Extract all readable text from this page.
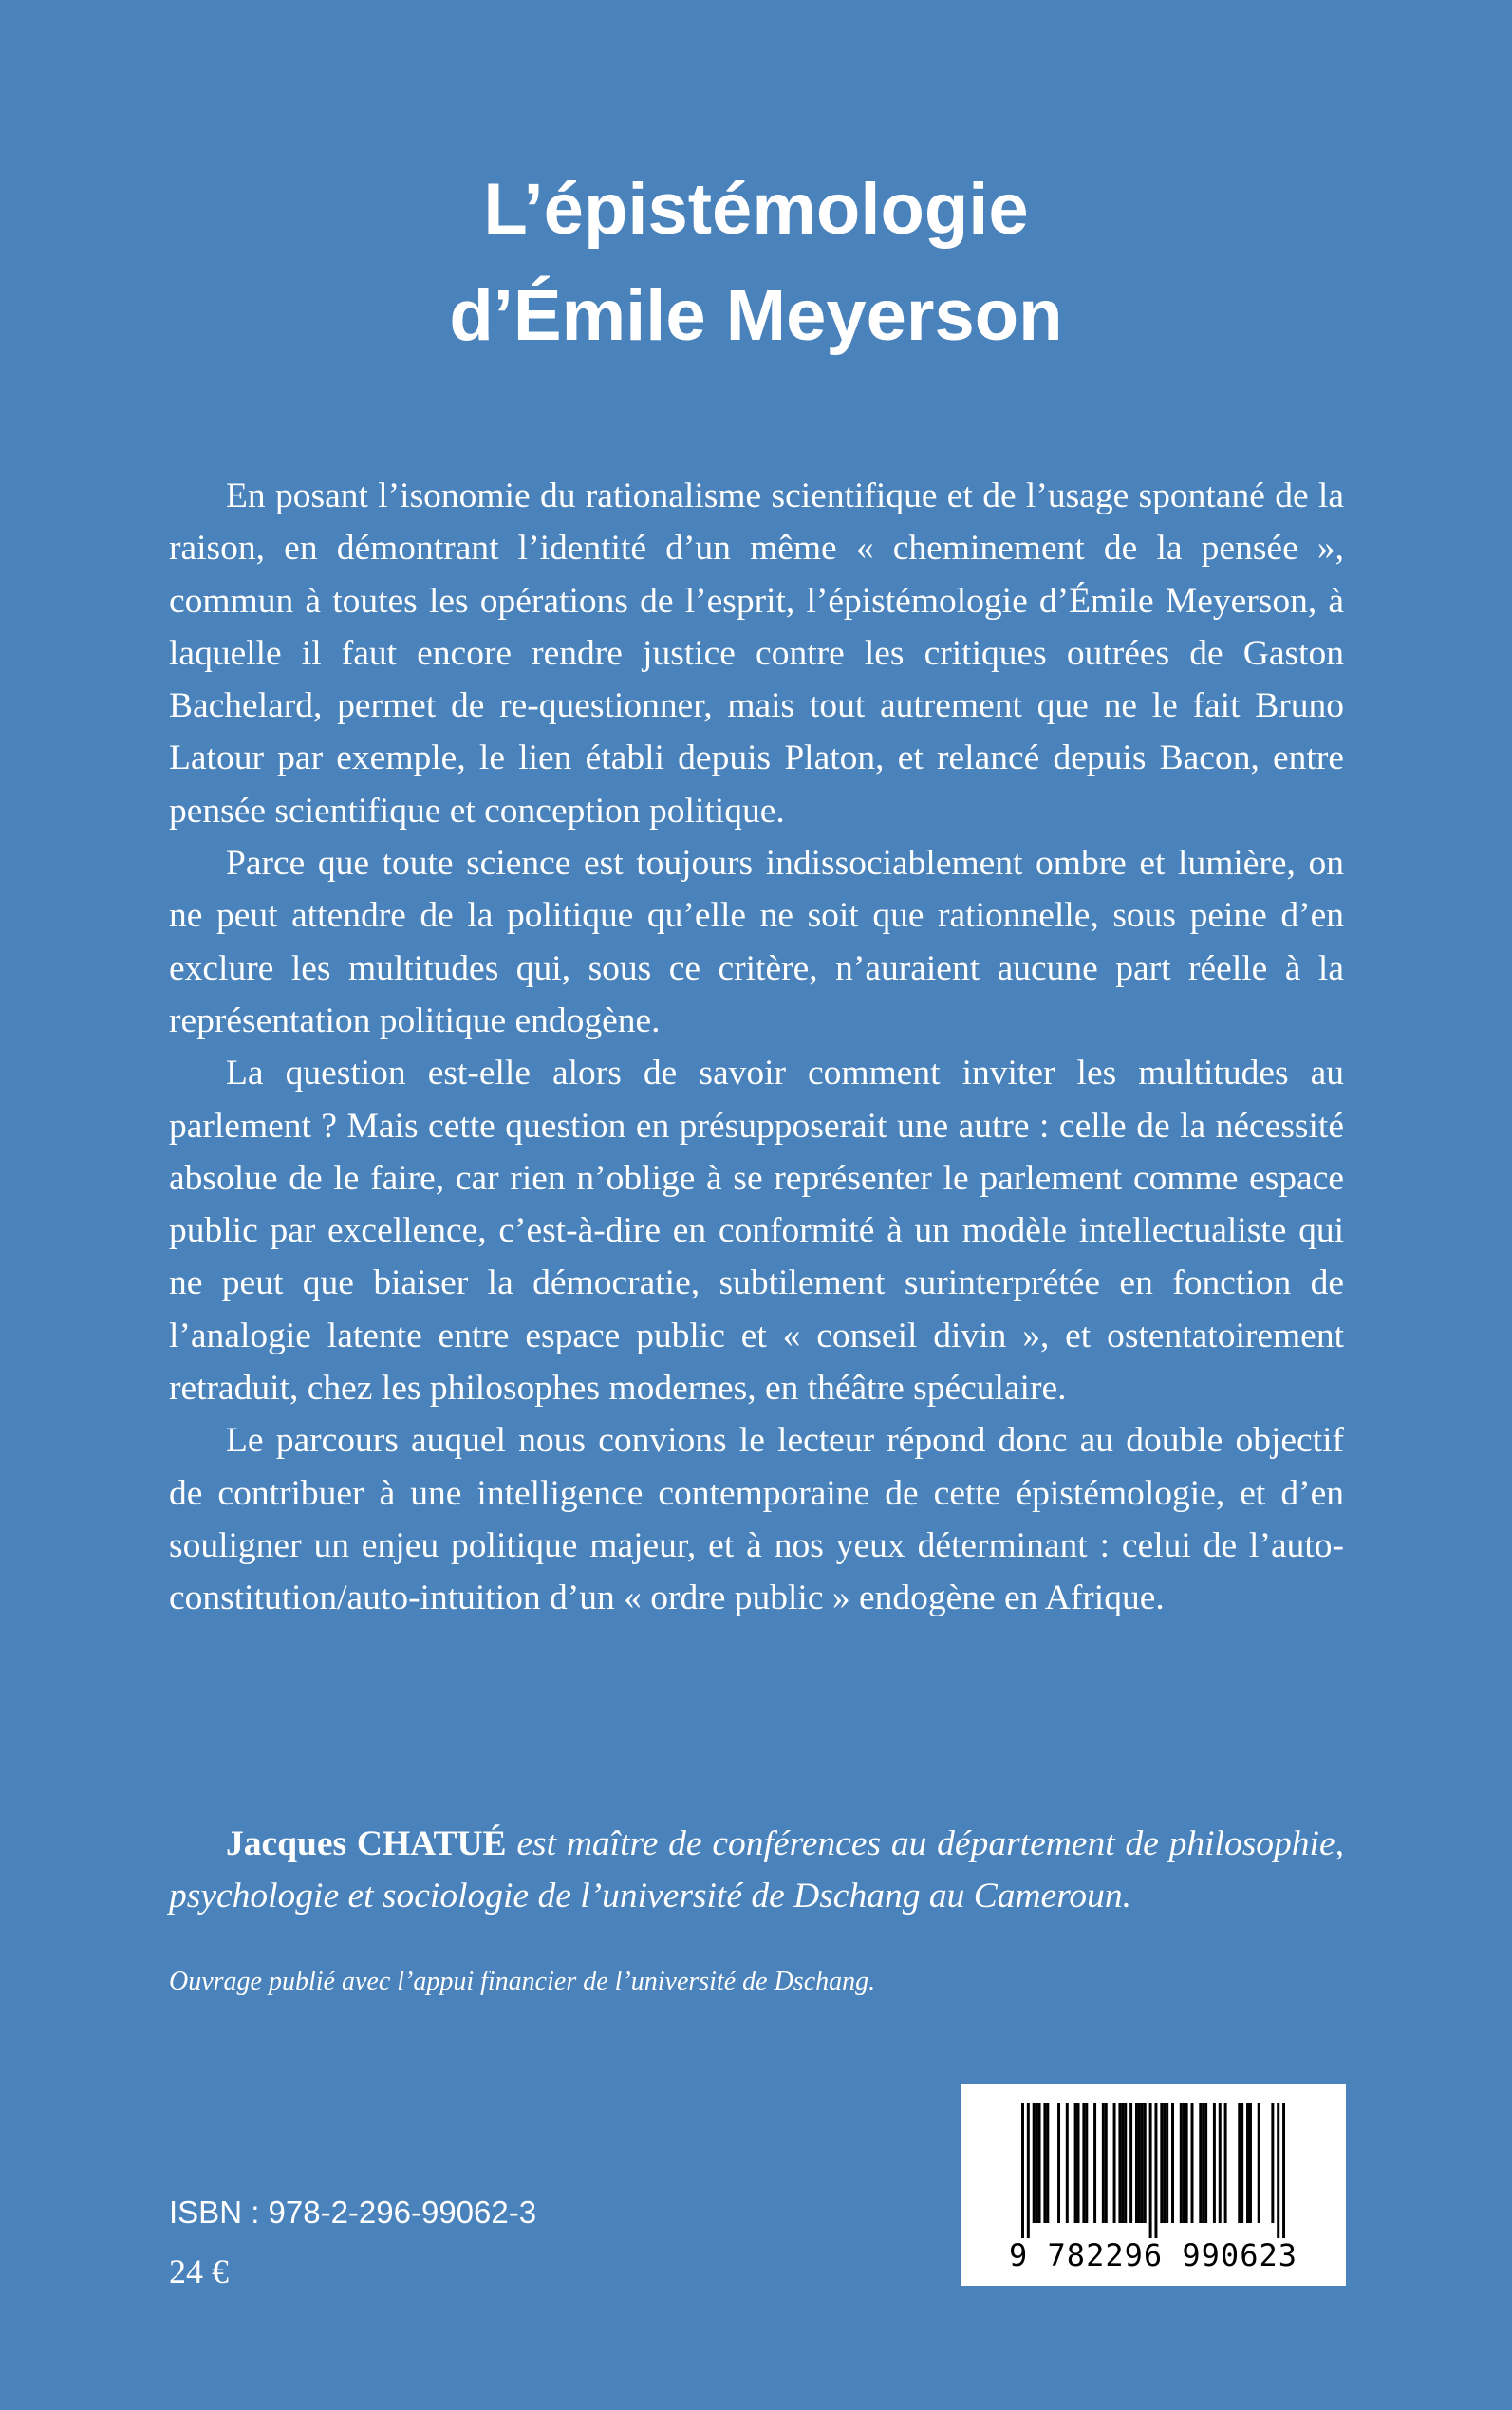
L’épistémologie
d’Émile Meyerson

En posant l’isonomie du rationalisme scientifique et de l’usage spontané de la raison, en démontrant l’identité d’un même « cheminement de la pensée », commun à toutes les opérations de l’esprit, l’épistémologie d’Émile Meyerson, à laquelle il faut encore rendre justice contre les critiques outrées de Gaston Bachelard, permet de re-questionner, mais tout autrement que ne le fait Bruno Latour par exemple, le lien établi depuis Platon, et relancé depuis Bacon, entre pensée scientifique et conception politique.

Parce que toute science est toujours indissociablement ombre et lumière, on ne peut attendre de la politique qu’elle ne soit que rationnelle, sous peine d’en exclure les multitudes qui, sous ce critère, n’auraient aucune part réelle à la représentation politique endogène.

La question est-elle alors de savoir comment inviter les multitudes au parlement ? Mais cette question en présupposerait une autre : celle de la nécessité absolue de le faire, car rien n’oblige à se représenter le parlement comme espace public par excellence, c’est-à-dire en conformité à un modèle intellectualiste qui ne peut que biaiser la démocratie, subtilement surinterprétée en fonction de l’analogie latente entre espace public et « conseil divin », et ostentatoirement retraduit, chez les philosophes modernes, en théâtre spéculaire.

Le parcours auquel nous convions le lecteur répond donc au double objectif de contribuer à une intelligence contemporaine de cette épistémologie, et d’en souligner un enjeu politique majeur, et à nos yeux déterminant : celui de l’auto-constitution/auto-intuition d’un « ordre public » endogène en Afrique.

Jacques CHATUÉ est maître de conférences au département de philosophie, psychologie et sociologie de l’université de Dschang au Cameroun.

Ouvrage publié avec l’appui financier de l’université de Dschang.

ISBN : 978-2-296-99062-3

24 €	9 782296 990623
